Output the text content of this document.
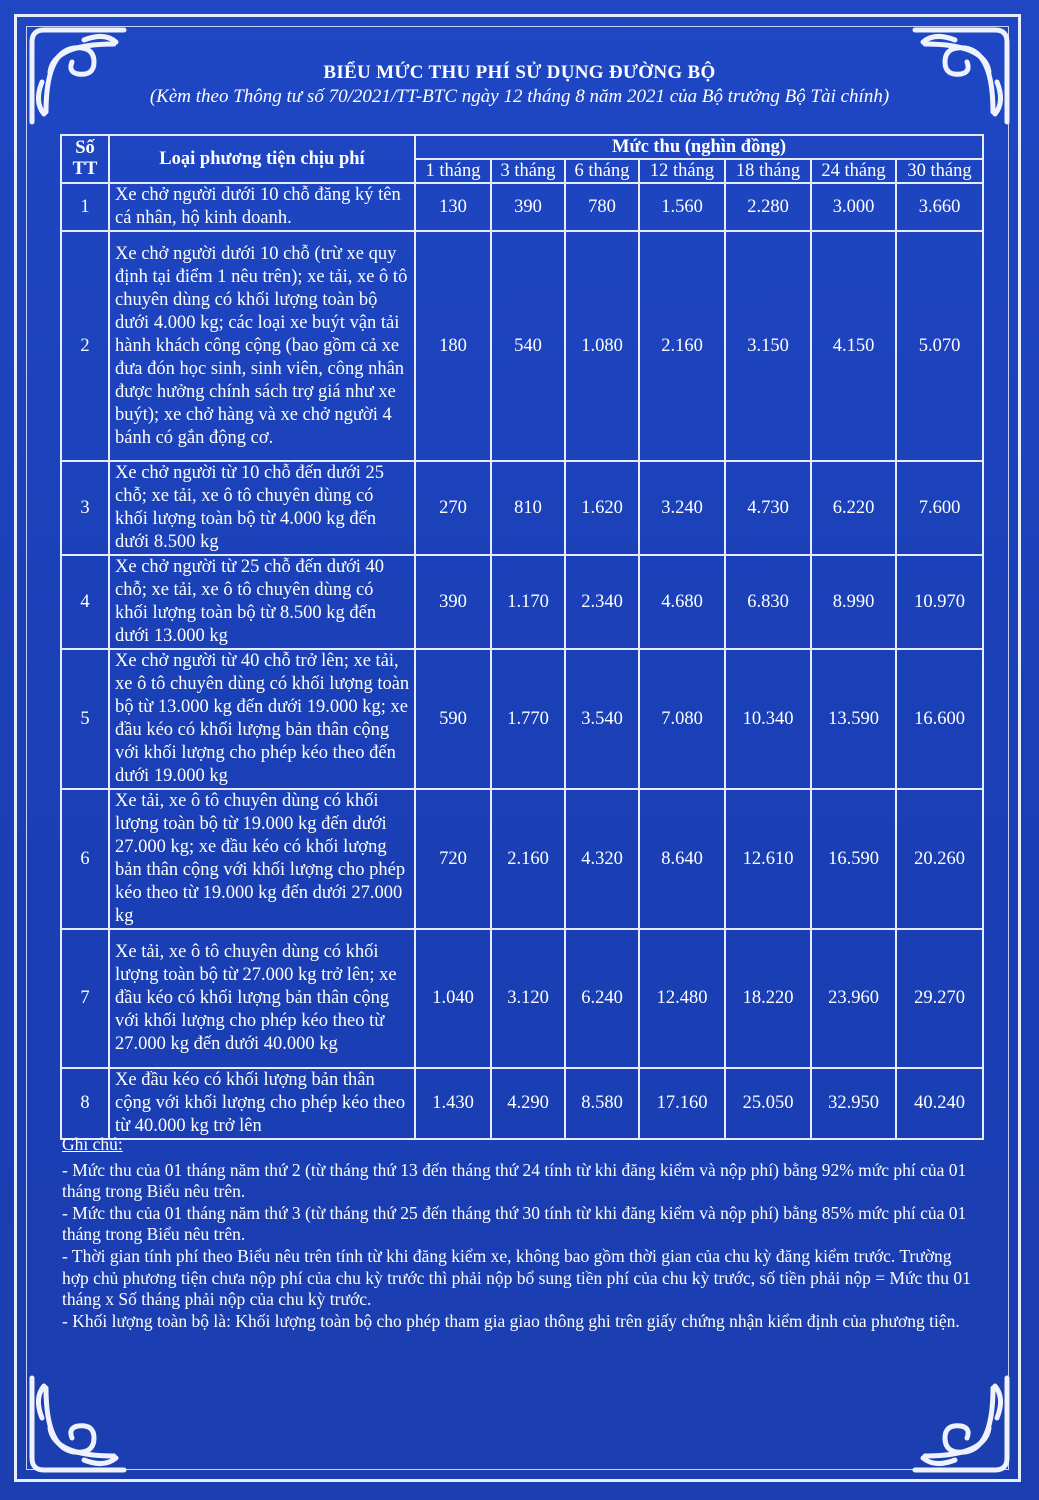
BIỂU MỨC THU PHÍ SỬ DỤNG ĐƯỜNG BỘ
(Kèm theo Thông tư số 70/2021/TT-BTC ngày 12 tháng 8 năm 2021 của Bộ trưởng Bộ Tài chính)
Số TT	Loại phương tiện chịu phí	Mức thu (nghìn đồng)						
		1 tháng	3 tháng	6 tháng	12 tháng	18 tháng	24 tháng	30 tháng
1	Xe chở người dưới 10 chỗ đăng ký tên cá nhân, hộ kinh doanh.	130	390	780	1.560	2.280	3.000	3.660
2	Xe chở người dưới 10 chỗ (trừ xe quy định tại điểm 1 nêu trên); xe tải, xe ô tô chuyên dùng có khối lượng toàn bộ dưới 4.000 kg; các loại xe buýt vận tải hành khách công cộng (bao gồm cả xe đưa đón học sinh, sinh viên, công nhân được hưởng chính sách trợ giá như xe buýt); xe chở hàng và xe chở người 4 bánh có gắn động cơ.	180	540	1.080	2.160	3.150	4.150	5.070
3	Xe chở người từ 10 chỗ đến dưới 25 chỗ; xe tải, xe ô tô chuyên dùng có khối lượng toàn bộ từ 4.000 kg đến dưới 8.500 kg	270	810	1.620	3.240	4.730	6.220	7.600
4	Xe chở người từ 25 chỗ đến dưới 40 chỗ; xe tải, xe ô tô chuyên dùng có khối lượng toàn bộ từ 8.500 kg đến dưới 13.000 kg	390	1.170	2.340	4.680	6.830	8.990	10.970
5	Xe chở người từ 40 chỗ trở lên; xe tải, xe ô tô chuyên dùng có khối lượng toàn bộ từ 13.000 kg đến dưới 19.000 kg; xe đầu kéo có khối lượng bản thân cộng với khối lượng cho phép kéo theo đến dưới 19.000 kg	590	1.770	3.540	7.080	10.340	13.590	16.600
6	Xe tải, xe ô tô chuyên dùng có khối lượng toàn bộ từ 19.000 kg đến dưới 27.000 kg; xe đầu kéo có khối lượng bản thân cộng với khối lượng cho phép kéo theo từ 19.000 kg đến dưới 27.000 kg	720	2.160	4.320	8.640	12.610	16.590	20.260
7	Xe tải, xe ô tô chuyên dùng có khối lượng toàn bộ từ 27.000 kg trở lên; xe đầu kéo có khối lượng bản thân cộng với khối lượng cho phép kéo theo từ 27.000 kg đến dưới 40.000 kg	1.040	3.120	6.240	12.480	18.220	23.960	29.270
8	Xe đầu kéo có khối lượng bản thân cộng với khối lượng cho phép kéo theo từ 40.000 kg trở lên	1.430	4.290	8.580	17.160	25.050	32.950	40.240
Ghi chú:

- Mức thu của 01 tháng năm thứ 2 (từ tháng thứ 13 đến tháng thứ 24 tính từ khi đăng kiểm và nộp phí) bằng 92% mức phí của 01 tháng trong Biểu nêu trên.

- Mức thu của 01 tháng năm thứ 3 (từ tháng thứ 25 đến tháng thứ 30 tính từ khi đăng kiểm và nộp phí) bằng 85% mức phí của 01 tháng trong Biểu nêu trên.

- Thời gian tính phí theo Biểu nêu trên tính từ khi đăng kiểm xe, không bao gồm thời gian của chu kỳ đăng kiểm trước. Trường hợp chủ phương tiện chưa nộp phí của chu kỳ trước thì phải nộp bổ sung tiền phí của chu kỳ trước, số tiền phải nộp = Mức thu 01 tháng x Số tháng phải nộp của chu kỳ trước.

- Khối lượng toàn bộ là: Khối lượng toàn bộ cho phép tham gia giao thông ghi trên giấy chứng nhận kiểm định của phương tiện.
